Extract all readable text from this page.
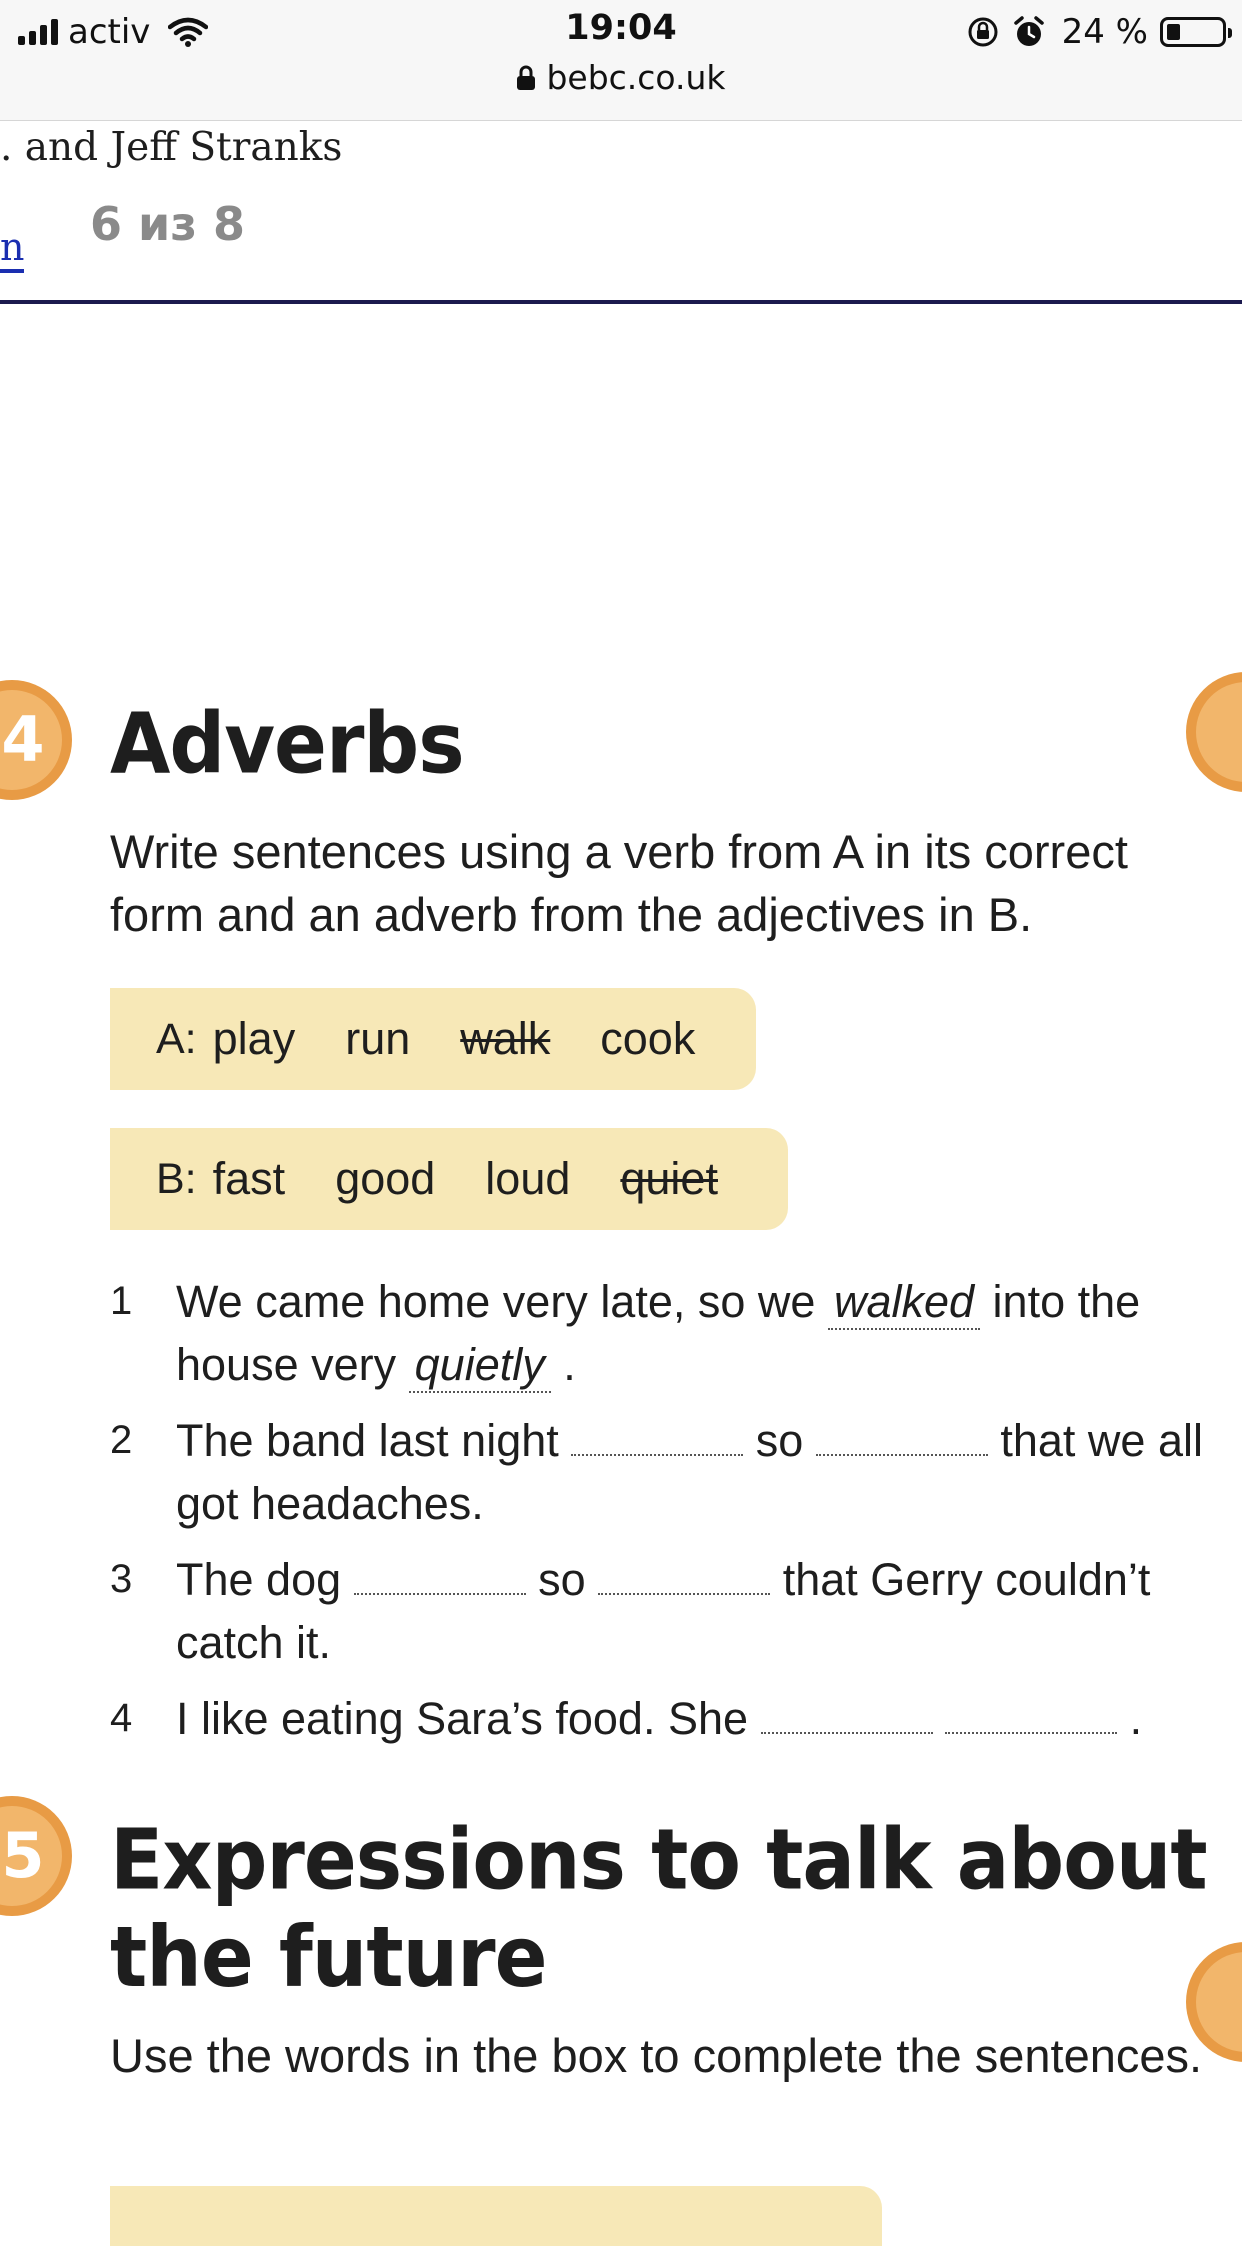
activ	19:04	24 %
bebc.co.uk
. and Jeff Stranks
n 6 из 8
4 Adverbs

Write sentences using a verb from A in its correct form and an adverb from the adjectives in B.

A: play run walk cook
B: fast good loud quiet
1 We came home very late, so we walked into the house very quietly .
2 The band last night	so	that we all got headaches.
3 The dog	so	that Gerry couldn’t catch it.
4 I like eating Sara’s food. She	.
5 Expressions to talk about
the future

Use the words in the box to complete the sentences.
